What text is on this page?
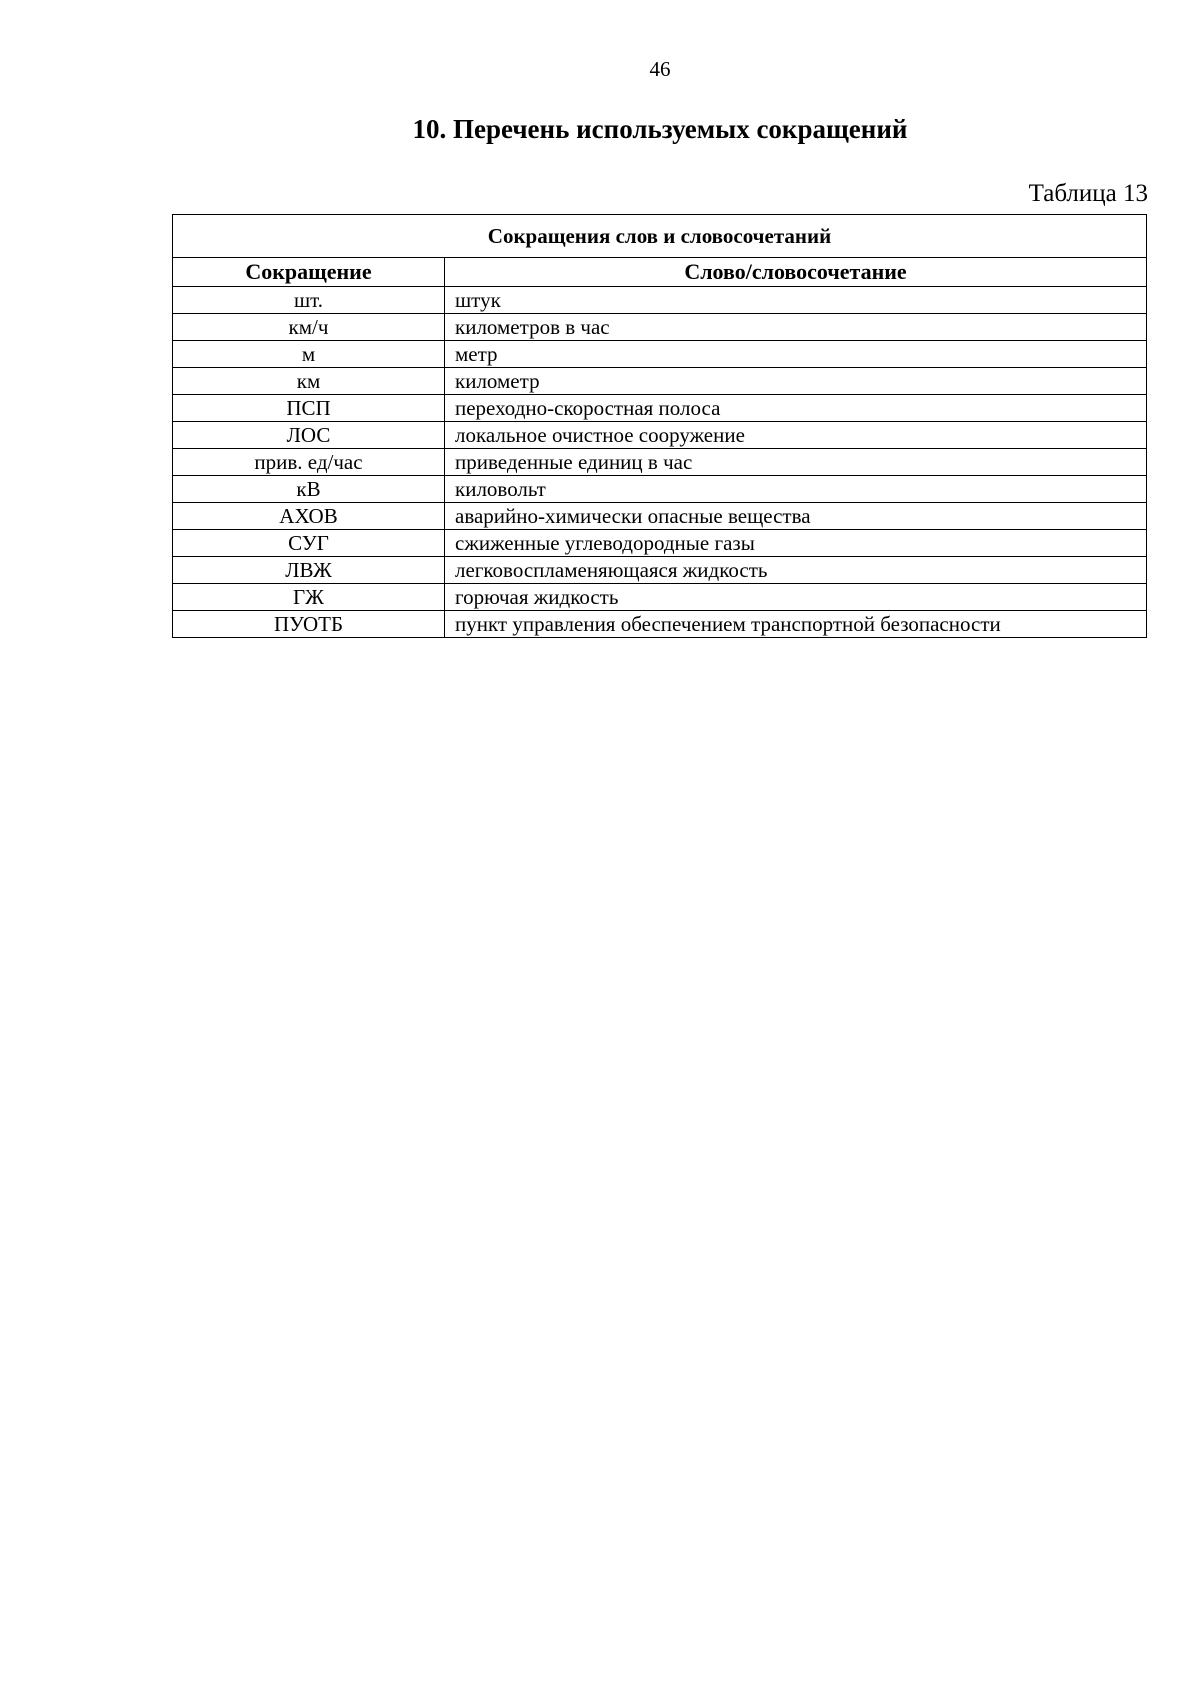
46
10. Перечень используемых сокращений
Таблица 13
Сокращения слов и словосочетаний	
Сокращение	Слово/словосочетание
шт.	штук
км/ч	километров в час
м	метр
км	километр
ПСП	переходно-скоростная полоса
ЛОС	локальное очистное сооружение
прив. ед/час	приведенные единиц в час
кВ	киловольт
АХОВ	аварийно-химически опасные вещества
СУГ	сжиженные углеводородные газы
ЛВЖ	легковоспламеняющаяся жидкость
ГЖ	горючая жидкость
ПУОТБ	пункт управления обеспечением транспортной безопасности
